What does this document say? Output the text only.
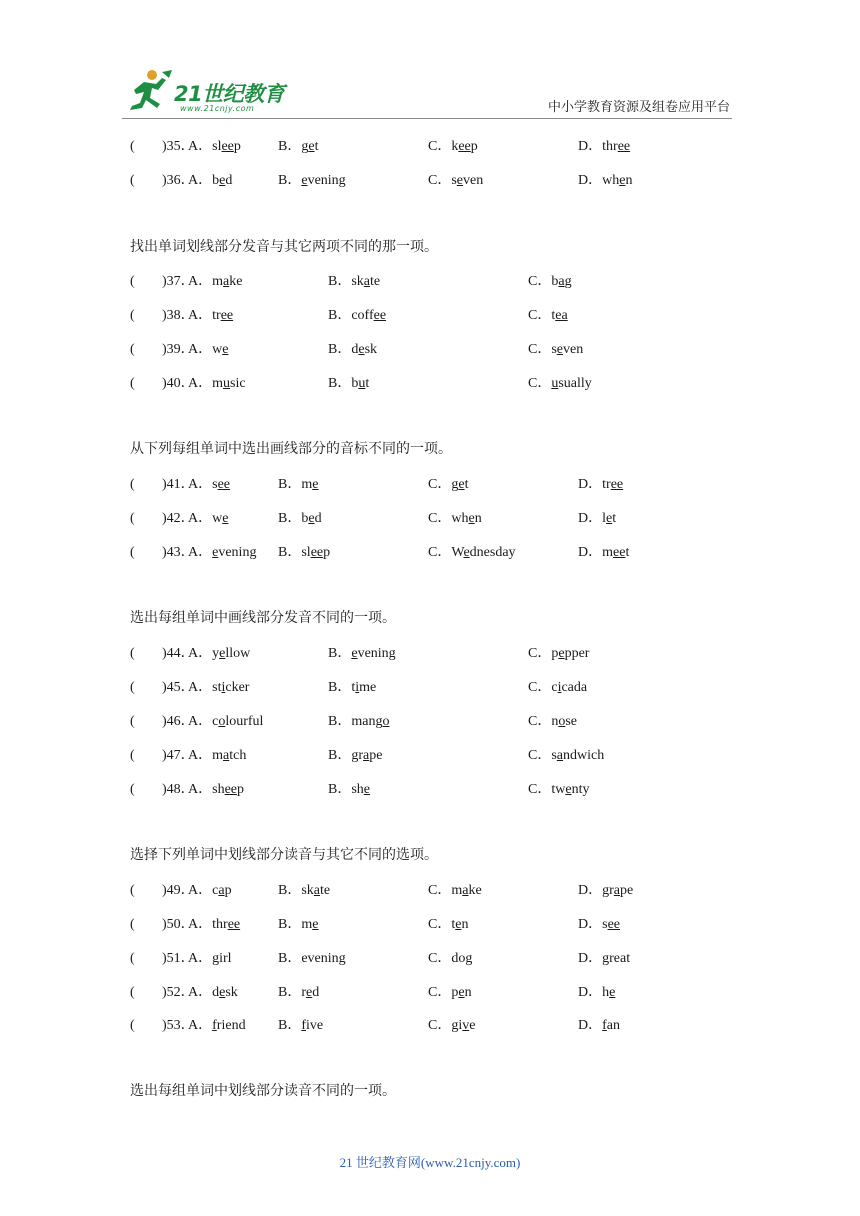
21世纪教育
www.21cnjy.com	中小学教育资源及组卷应用平台
( )35．
A．sleep	B．get	C．keep	D．three
( )36．
A．bed	B．evening	C．seven	D．when
找出单词划线部分发音与其它两项不同的那一项。
( )37．
A．make	B．skate	C．bag
( )38．
A．tree	B．coffee	C．tea
( )39．
A．we	B．desk	C．seven
( )40．
A．music	B．but	C．usually
从下列每组单词中选出画线部分的音标不同的一项。
( )41．
A．see	B．me	C．get	D．tree
( )42．
A．we	B．bed	C．when	D．let
( )43．
A．evening B．sleep	C．Wednesday	D．meet
选出每组单词中画线部分发音不同的一项。
( )44．
A．yellow	B．evening	C．pepper
( )45．
A．sticker	B．time	C．cicada
( )46．
A．colourful	B．mango	C．nose
( )47．
A．match	B．grape	C．sandwich
( )48．
A．sheep	B．she	C．twenty
选择下列单词中划线部分读音与其它不同的选项。
( )49．
A．cap	B．skate	C．make	D．grape
( )50．
A．three	B．me	C．ten	D．see
( )51．
A．girl	B．evening	C．dog	D．great
( )52．
A．desk	B．red	C．pen	D．he
( )53．
A．friend B．five	C．give	D．fan
选出每组单词中划线部分读音不同的一项。
21 世纪教育网(www.21cnjy.com)
